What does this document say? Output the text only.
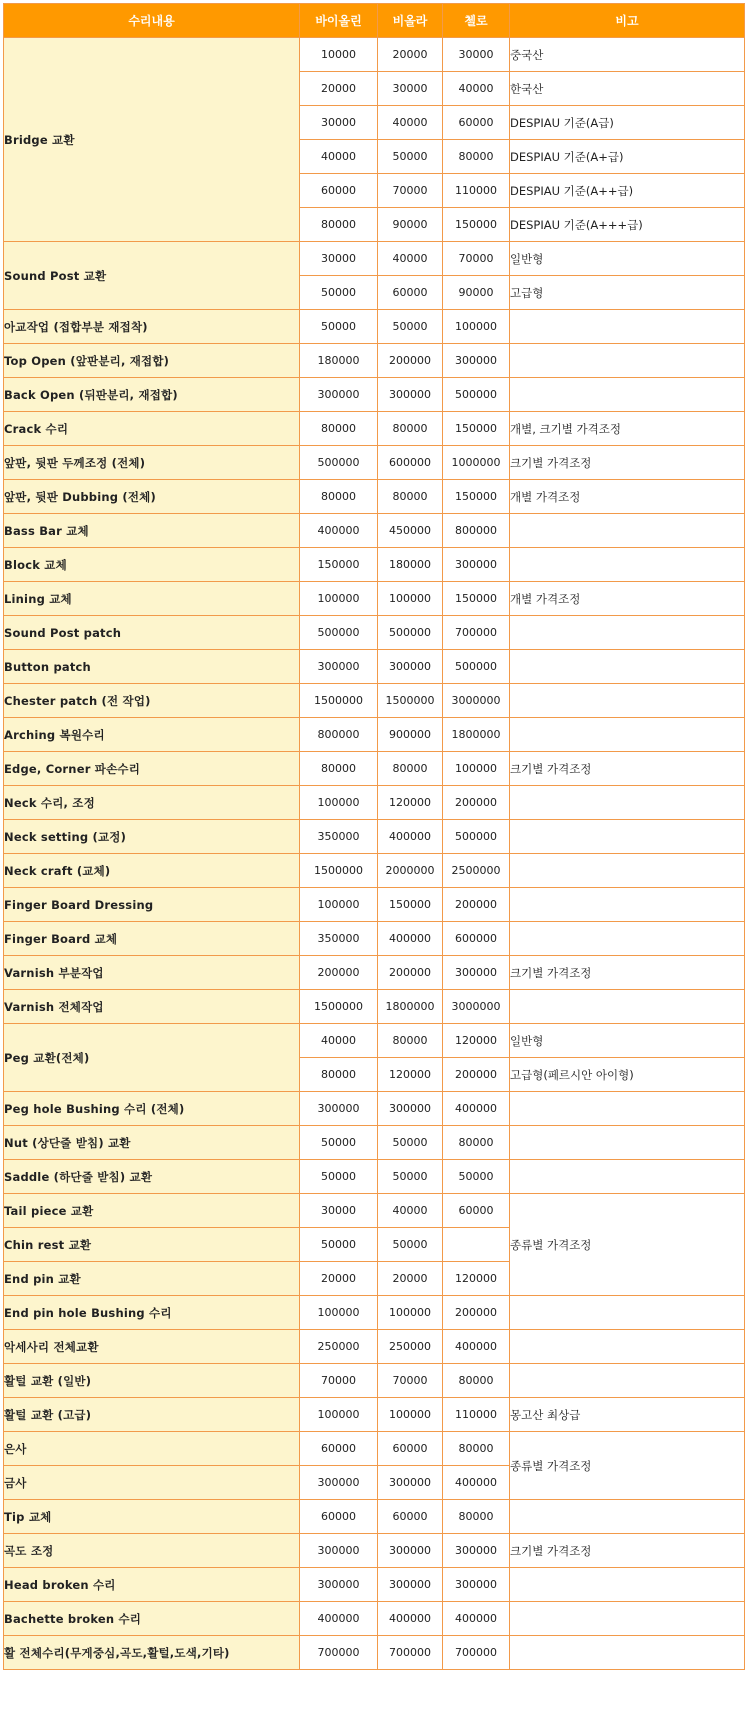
수리내용	바이올린	비올라	첼로	비고
Bridge 교환	10000	20000	30000	중국산
	20000	30000	40000	한국산
	30000	40000	60000	DESPIAU 기준(A급)
	40000	50000	80000	DESPIAU 기준(A+급)
	60000	70000	110000	DESPIAU 기준(A++급)
	80000	90000	150000	DESPIAU 기준(A+++급)
Sound Post 교환	30000	40000	70000	일반형
	50000	60000	90000	고급형
아교작업 (접합부분 재접착)	50000	50000	100000	
Top Open (앞판분리, 재접합)	180000	200000	300000	
Back Open (뒤판분리, 재접합)	300000	300000	500000	
Crack 수리	80000	80000	150000	개별, 크기별 가격조정
앞판, 뒷판 두께조정 (전체)	500000	600000	1000000	크기별 가격조정
앞판, 뒷판 Dubbing (전체)	80000	80000	150000	개별 가격조정
Bass Bar 교체	400000	450000	800000	
Block 교체	150000	180000	300000	
Lining 교체	100000	100000	150000	개별 가격조정
Sound Post patch	500000	500000	700000	
Button patch	300000	300000	500000	
Chester patch (전 작업)	1500000	1500000	3000000	
Arching 복원수리	800000	900000	1800000	
Edge, Corner 파손수리	80000	80000	100000	크기별 가격조정
Neck 수리, 조정	100000	120000	200000	
Neck setting (교정)	350000	400000	500000	
Neck craft (교체)	1500000	2000000	2500000	
Finger Board Dressing	100000	150000	200000	
Finger Board 교체	350000	400000	600000	
Varnish 부분작업	200000	200000	300000	크기별 가격조정
Varnish 전체작업	1500000	1800000	3000000	
Peg 교환(전체)	40000	80000	120000	일반형
	80000	120000	200000	고급형(페르시안 아이형)
Peg hole Bushing 수리 (전체)	300000	300000	400000	
Nut (상단줄 받침) 교환	50000	50000	80000	
Saddle (하단줄 받침) 교환	50000	50000	50000	
Tail piece 교환	30000	40000	60000	종류별 가격조정
Chin rest 교환	50000	50000		
End pin 교환	20000	20000	120000	
End pin hole Bushing 수리	100000	100000	200000	
악세사리 전체교환	250000	250000	400000	
활털 교환 (일반)	70000	70000	80000	
활털 교환 (고급)	100000	100000	110000	몽고산 최상급
은사	60000	60000	80000	종류별 가격조정
금사	300000	300000	400000	
Tip 교체	60000	60000	80000	
곡도 조정	300000	300000	300000	크기별 가격조정
Head broken 수리	300000	300000	300000	
Bachette broken 수리	400000	400000	400000	
활 전체수리(무게중심,곡도,활털,도색,기타)	700000	700000	700000	
